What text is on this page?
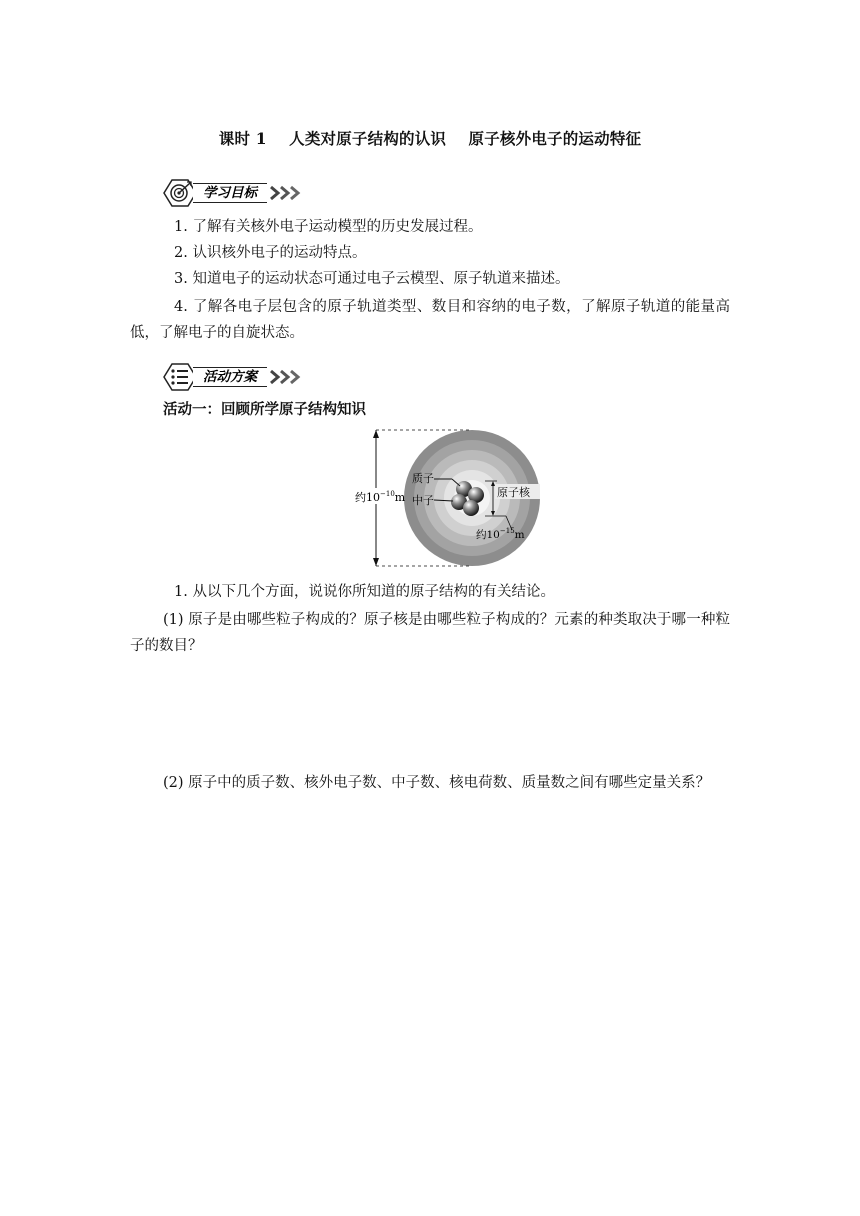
课时 1 人类对原子结构的认识 原子核外电子的运动特征
学习目标
1. 了解有关核外电子运动模型的历史发展过程。
2. 认识核外电子的运动特点。
3. 知道电子的运动状态可通过电子云模型、原子轨道来描述。
4. 了解各电子层包含的原子轨道类型、数目和容纳的电子数，了解原子轨道的能量高低，了解电子的自旋状态。
活动方案
活动一：回顾所学原子结构知识
约$10^{-10}m$
质子
中子
原子核
约$10^{-15}m$
1. 从以下几个方面，说说你所知道的原子结构的有关结论。
(1) 原子是由哪些粒子构成的？原子核是由哪些粒子构成的？元素的种类取决于哪一种粒子的数目？
(2) 原子中的质子数、核外电子数、中子数、核电荷数、质量数之间有哪些定量关系？
